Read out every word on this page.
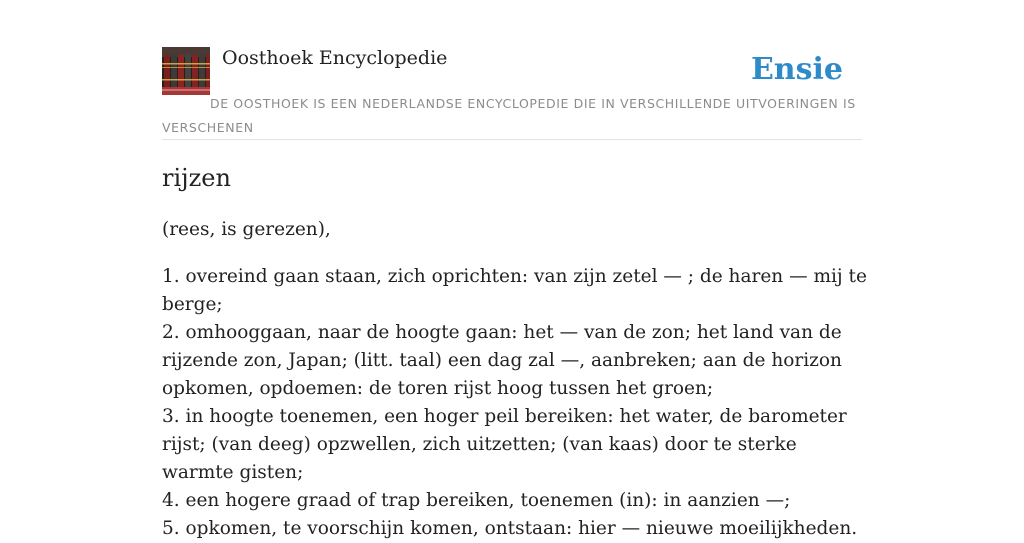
Oosthoek Encyclopedie	Ensie
DE OOSTHOEK IS EEN NEDERLANDSE ENCYCLOPEDIE DIE IN VERSCHILLENDE UITVOERINGEN IS VERSCHENEN
rijzen

(rees, is gerezen),

1. overeind gaan staan, zich oprichten: van zijn zetel — ; de haren — mij te berge;
2. omhooggaan, naar de hoogte gaan: het — van de zon; het land van de rijzende zon, Japan; (litt. taal) een dag zal —, aanbreken; aan de horizon opkomen, opdoemen: de toren rijst hoog tussen het groen;
3. in hoogte toenemen, een hoger peil bereiken: het water, de barometer rijst; (van deeg) opzwellen, zich uitzetten; (van kaas) door te sterke warmte gisten;
4. een hogere graad of trap bereiken, toenemen (in): in aanzien —;
5. opkomen, te voorschijn komen, ontstaan: hier — nieuwe moeilijkheden.
